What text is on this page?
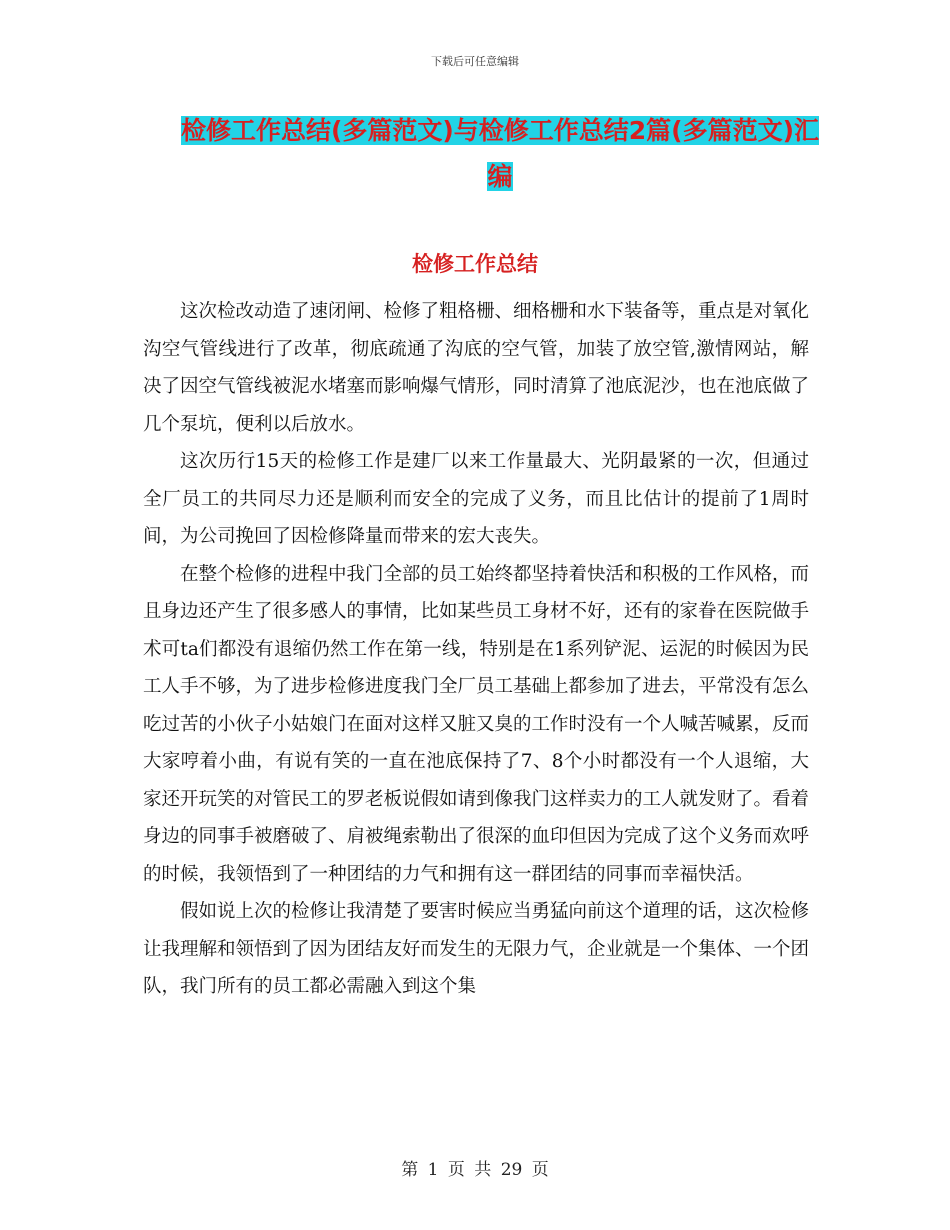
下载后可任意编辑
检修工作总结(多篇范文)与检修工作总结2篇(多篇范文)汇编
检修工作总结

这次检改动造了速闭闸、检修了粗格栅、细格栅和水下装备等，重点是对氧化沟空气管线进行了改革，彻底疏通了沟底的空气管，加装了放空管,激情网站，解决了因空气管线被泥水堵塞而影响爆气情形，同时清算了池底泥沙，也在池底做了几个泵坑，便利以后放水。

这次历行15天的检修工作是建厂以来工作量最大、光阴最紧的一次，但通过全厂员工的共同尽力还是顺利而安全的完成了义务，而且比估计的提前了1周时间，为公司挽回了因检修降量而带来的宏大丧失。

在整个检修的进程中我门全部的员工始终都坚持着快活和积极的工作风格，而且身边还产生了很多感人的事情，比如某些员工身材不好，还有的家眷在医院做手术可ta们都没有退缩仍然工作在第一线，特别是在1系列铲泥、运泥的时候因为民工人手不够，为了进步检修进度我门全厂员工基础上都参加了进去，平常没有怎么吃过苦的小伙子小姑娘门在面对这样又脏又臭的工作时没有一个人喊苦喊累，反而大家哼着小曲，有说有笑的一直在池底保持了7、8个小时都没有一个人退缩，大家还开玩笑的对管民工的罗老板说假如请到像我门这样卖力的工人就发财了。看着身边的同事手被磨破了、肩被绳索勒出了很深的血印但因为完成了这个义务而欢呼的时候，我领悟到了一种团结的力气和拥有这一群团结的同事而幸福快活。

假如说上次的检修让我清楚了要害时候应当勇猛向前这个道理的话，这次检修让我理解和领悟到了因为团结友好而发生的无限力气，企业就是一个集体、一个团队，我门所有的员工都必需融入到这个集

第 1 页 共 29 页
